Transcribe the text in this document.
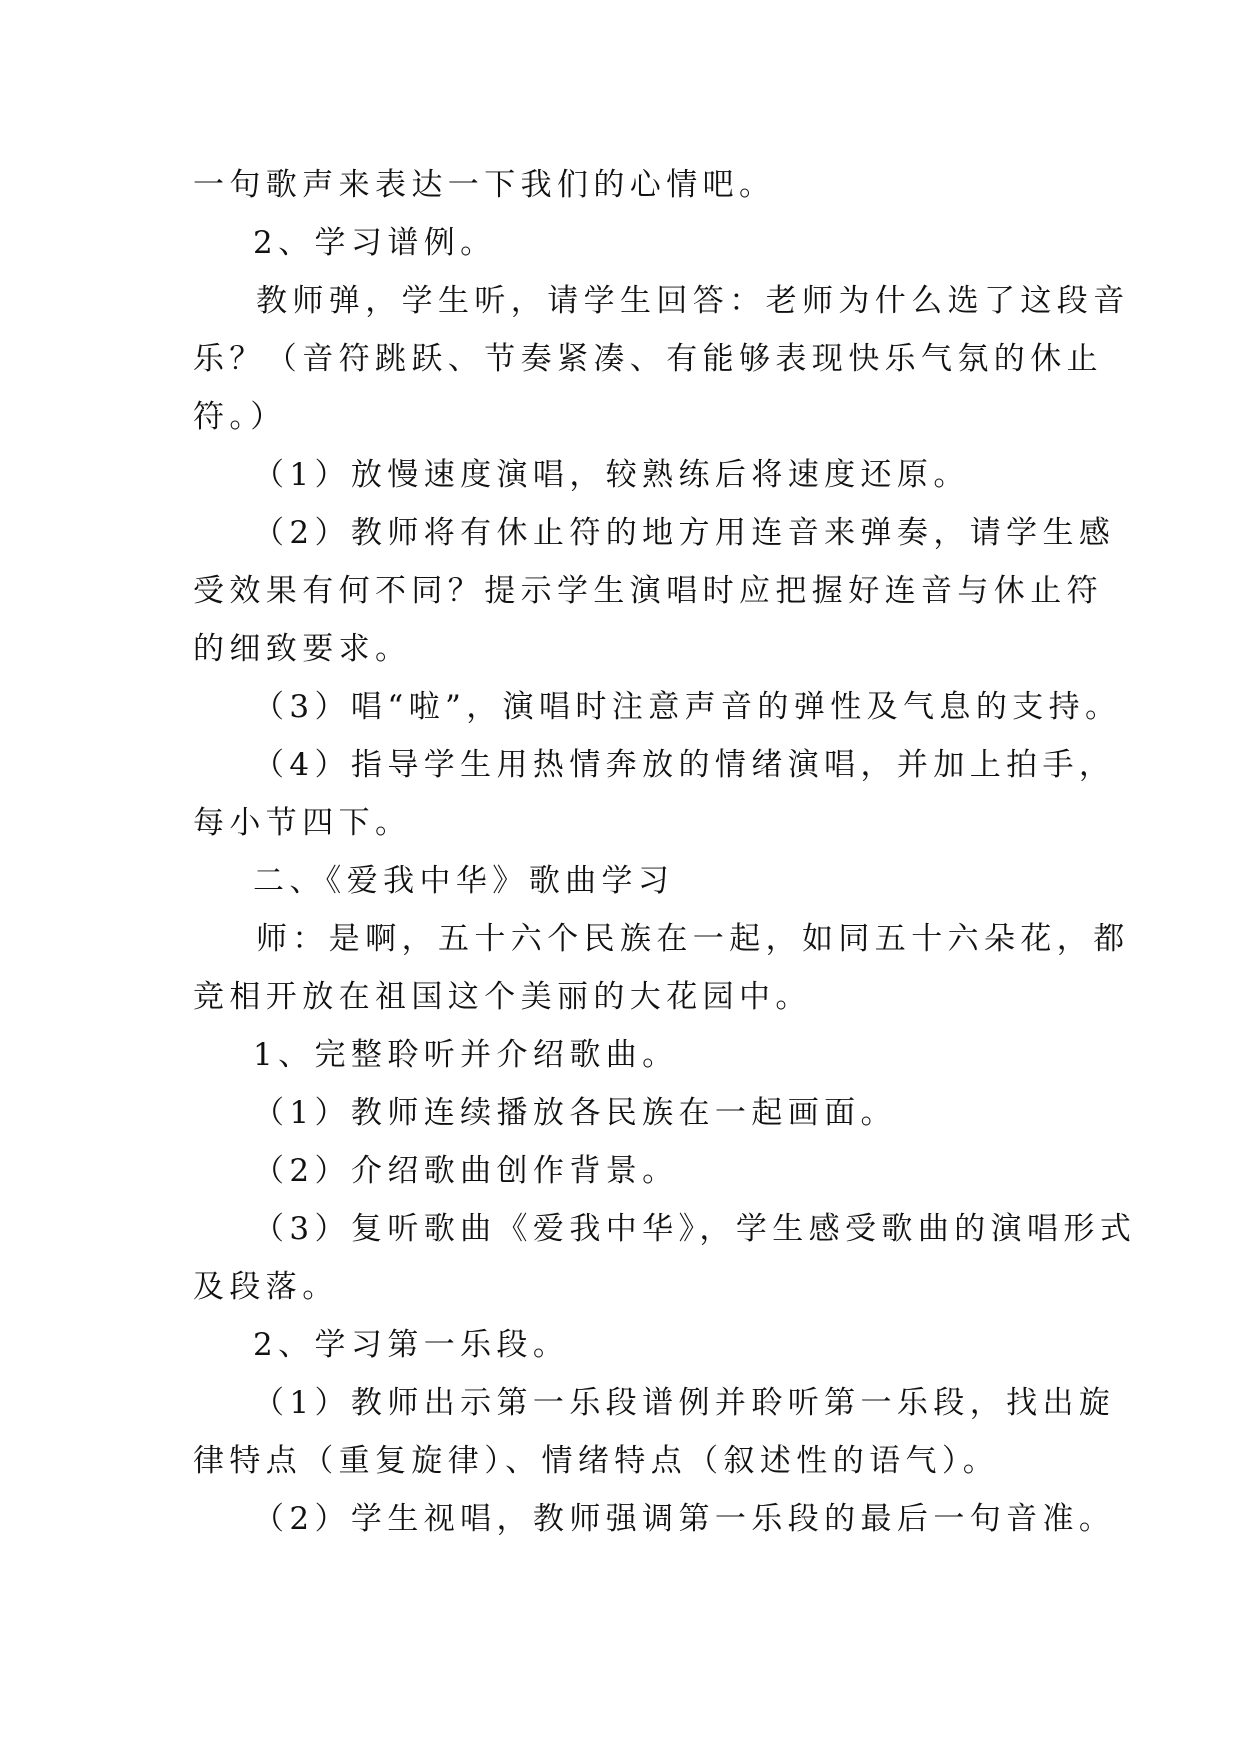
一句歌声来表达一下我们的心情吧。
2、学习谱例。
教师弹，学生听，请学生回答：老师为什么选了这段音
乐？（音符跳跃、节奏紧凑、有能够表现快乐气氛的休止
符。）
（1）放慢速度演唱，较熟练后将速度还原。
（2）教师将有休止符的地方用连音来弹奏，请学生感
受效果有何不同？提示学生演唱时应把握好连音与休止符
的细致要求。
（3）唱“啦”，演唱时注意声音的弹性及气息的支持。
（4）指导学生用热情奔放的情绪演唱，并加上拍手，
每小节四下。
二、《爱我中华》歌曲学习
师：是啊，五十六个民族在一起，如同五十六朵花，都
竞相开放在祖国这个美丽的大花园中。
1、完整聆听并介绍歌曲。
（1）教师连续播放各民族在一起画面。
（2）介绍歌曲创作背景。
（3）复听歌曲《爱我中华》，学生感受歌曲的演唱形式
及段落。
2、学习第一乐段。
（1）教师出示第一乐段谱例并聆听第一乐段，找出旋
律特点（重复旋律）、情绪特点（叙述性的语气）。
（2）学生视唱，教师强调第一乐段的最后一句音准。
